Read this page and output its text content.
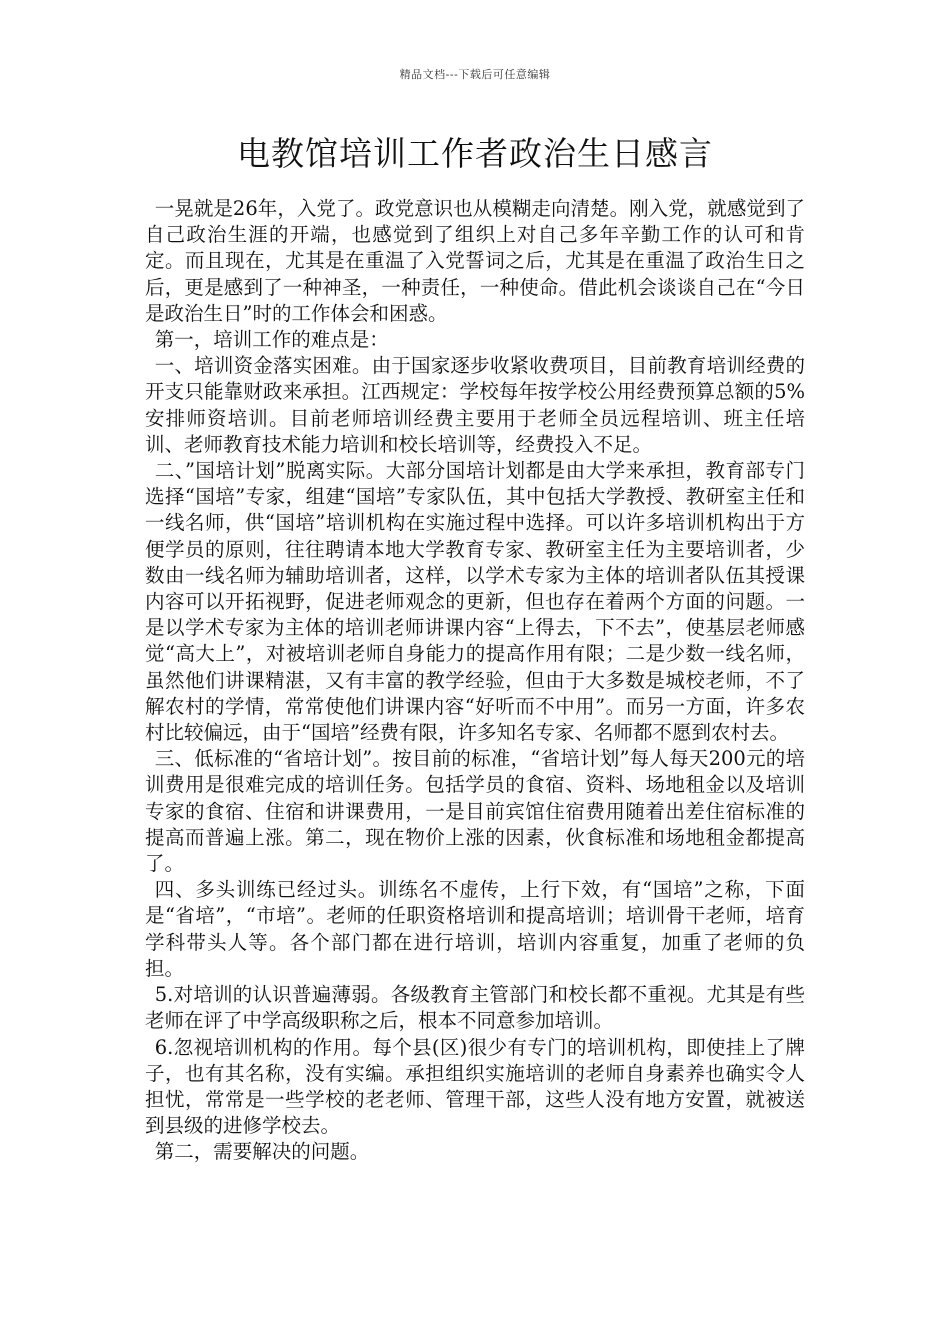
精品文档---下载后可任意编辑
电教馆培训工作者政治生日感言

一晃就是26年，入党了。政党意识也从模糊走向清楚。刚入党，就感觉到了自己政治生涯的开端，也感觉到了组织上对自己多年辛勤工作的认可和肯定。而且现在，尤其是在重温了入党誓词之后，尤其是在重温了政治生日之后，更是感到了一种神圣，一种责任，一种使命。借此机会谈谈自己在“今日是政治生日”时的工作体会和困惑。

第一，培训工作的难点是：

一、培训资金落实困难。由于国家逐步收紧收费项目，目前教育培训经费的开支只能靠财政来承担。江西规定：学校每年按学校公用经费预算总额的5%安排师资培训。目前老师培训经费主要用于老师全员远程培训、班主任培训、老师教育技术能力培训和校长培训等，经费投入不足。

二、”国培计划”脱离实际。大部分国培计划都是由大学来承担，教育部专门选择“国培”专家，组建“国培”专家队伍，其中包括大学教授、教研室主任和一线名师，供“国培”培训机构在实施过程中选择。可以许多培训机构出于方便学员的原则，往往聘请本地大学教育专家、教研室主任为主要培训者，少数由一线名师为辅助培训者，这样，以学术专家为主体的培训者队伍其授课内容可以开拓视野，促进老师观念的更新，但也存在着两个方面的问题。一是以学术专家为主体的培训老师讲课内容“上得去，下不去”，使基层老师感觉“高大上”，对被培训老师自身能力的提高作用有限；二是少数一线名师，虽然他们讲课精湛，又有丰富的教学经验，但由于大多数是城校老师，不了解农村的学情，常常使他们讲课内容“好听而不中用”。而另一方面，许多农村比较偏远，由于“国培”经费有限，许多知名专家、名师都不愿到农村去。

三、低标准的“省培计划”。按目前的标准，“省培计划”每人每天200元的培训费用是很难完成的培训任务。包括学员的食宿、资料、场地租金以及培训专家的食宿、住宿和讲课费用，一是目前宾馆住宿费用随着出差住宿标准的提高而普遍上涨。第二，现在物价上涨的因素，伙食标准和场地租金都提高了。

四、多头训练已经过头。训练名不虚传，上行下效，有“国培”之称，下面是“省培”，“市培”。老师的任职资格培训和提高培训；培训骨干老师，培育学科带头人等。各个部门都在进行培训，培训内容重复，加重了老师的负担。

5.对培训的认识普遍薄弱。各级教育主管部门和校长都不重视。尤其是有些老师在评了中学高级职称之后，根本不同意参加培训。

6.忽视培训机构的作用。每个县(区)很少有专门的培训机构，即使挂上了牌子，也有其名称，没有实编。承担组织实施培训的老师自身素养也确实令人担忧，常常是一些学校的老老师、管理干部，这些人没有地方安置，就被送到县级的进修学校去。

第二，需要解决的问题。
